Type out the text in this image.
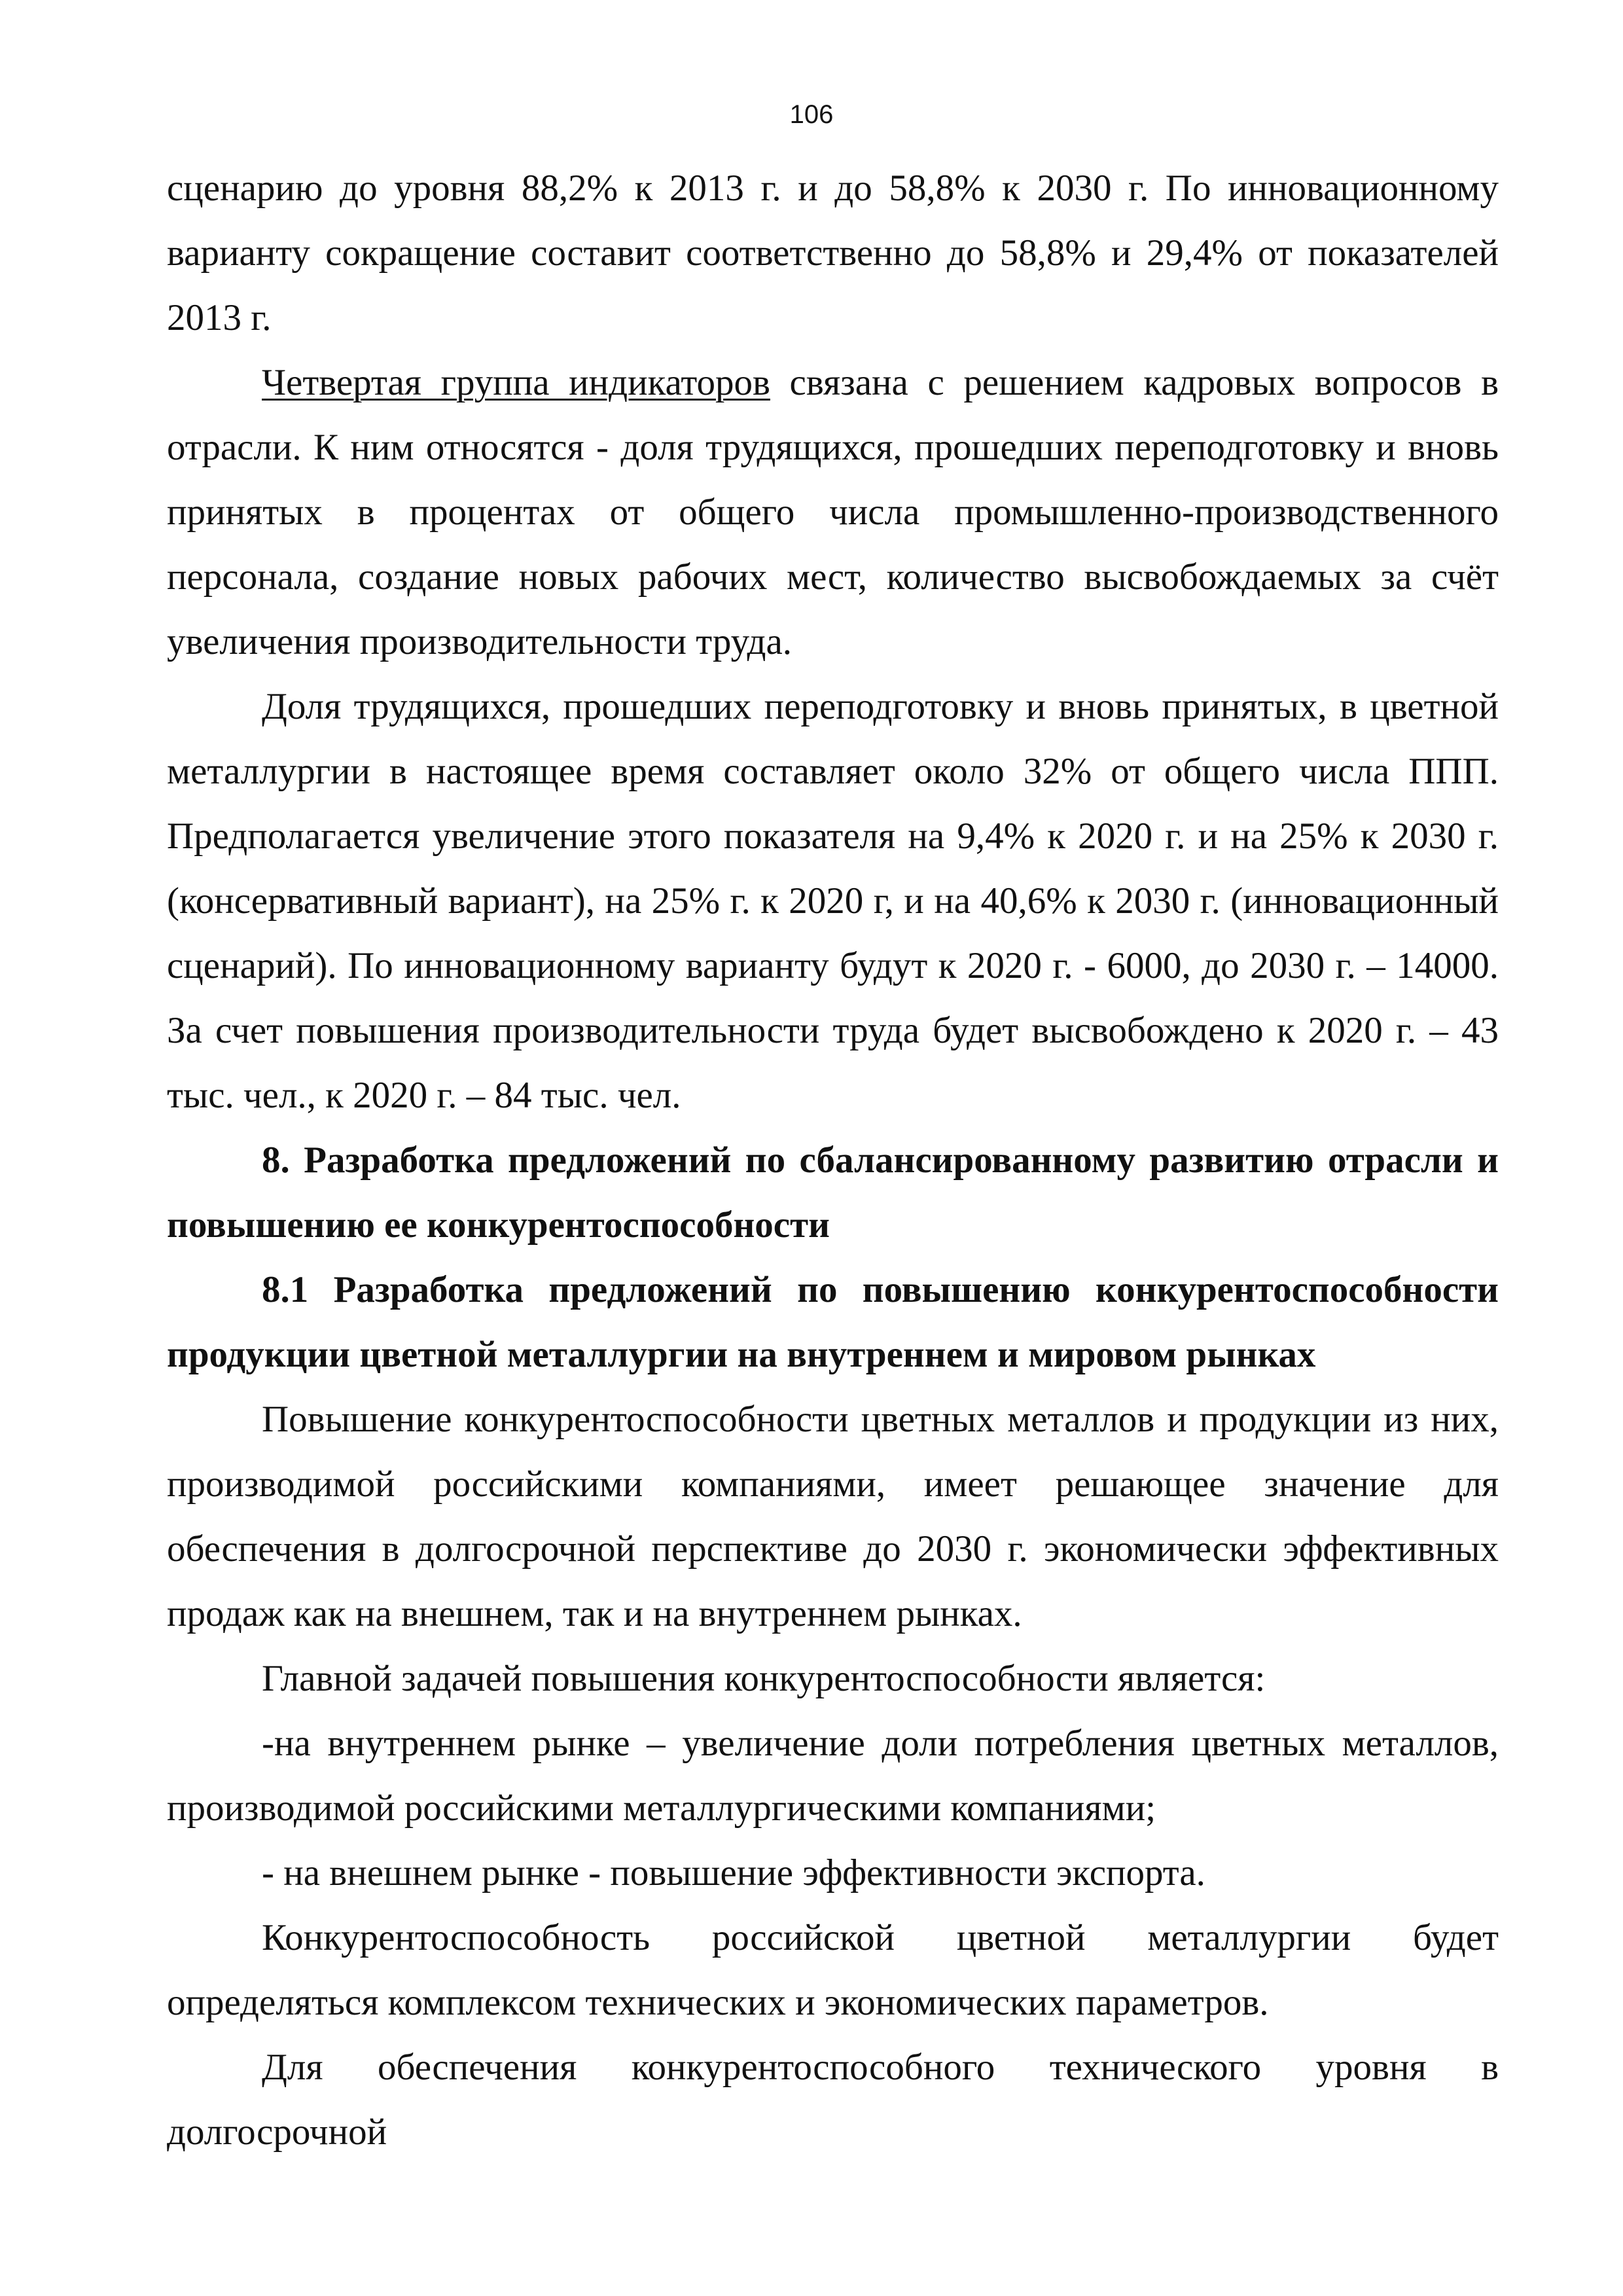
106

сценарию до уровня 88,2% к 2013 г. и до 58,8% к 2030 г. По инновационному варианту сокращение составит соответственно до 58,8% и 29,4% от показателей 2013 г.

Четвертая группа индикаторов связана с решением кадровых вопросов в отрасли. К ним относятся - доля трудящихся, прошедших переподготовку и вновь принятых в процентах от общего числа промышленно-производственного персонала, создание новых рабочих мест, количество высвобождаемых за счёт увеличения производительности труда.

Доля трудящихся, прошедших переподготовку и вновь принятых, в цветной металлургии в настоящее время составляет около 32% от общего числа ППП. Предполагается увеличение этого показателя на 9,4% к 2020 г. и на 25% к 2030 г. (консервативный вариант), на 25% г. к 2020 г, и на 40,6% к 2030 г. (инновационный сценарий). По инновационному варианту будут к 2020 г. - 6000, до 2030 г. – 14000. За счет повышения производительности труда будет высвобождено к 2020 г. – 43 тыс. чел., к 2020 г. – 84 тыс. чел.

8. Разработка предложений по сбалансированному развитию отрасли и повышению ее конкурентоспособности

8.1 Разработка предложений по повышению конкурентоспособности продукции цветной металлургии на внутреннем и мировом рынках

Повышение конкурентоспособности цветных металлов и продукции из них, производимой российскими компаниями, имеет решающее значение для обеспечения в долгосрочной перспективе до 2030 г. экономически эффективных продаж как на внешнем, так и на внутреннем рынках.

Главной задачей повышения конкурентоспособности является:

-на внутреннем рынке – увеличение доли потребления цветных металлов, производимой российскими металлургическими компаниями;

- на внешнем рынке - повышение эффективности экспорта.

Конкурентоспособность российской цветной металлургии будет определяться комплексом технических и экономических параметров.

Для обеспечения конкурентоспособного технического уровня в долгосрочной
